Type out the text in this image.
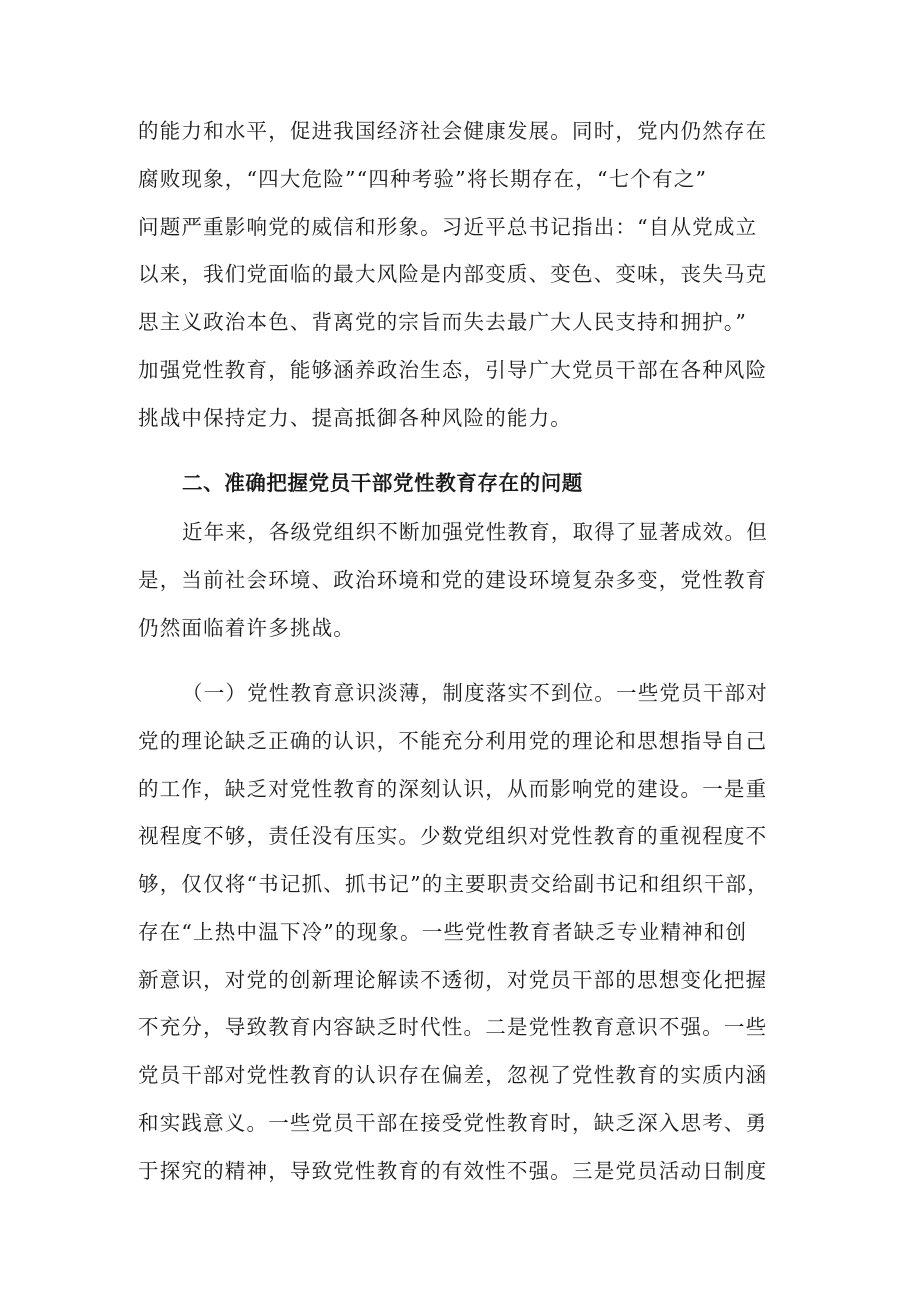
的能力和水平，促进我国经济社会健康发展。同时，党内仍然存在
腐败现象，“四大危险”“四种考验”将长期存在，“七个有之”
问题严重影响党的威信和形象。习近平总书记指出：“自从党成立
以来，我们党面临的最大风险是内部变质、变色、变味，丧失马克
思主义政治本色、背离党的宗旨而失去最广大人民支持和拥护。”
加强党性教育，能够涵养政治生态，引导广大党员干部在各种风险
挑战中保持定力、提高抵御各种风险的能力。
二、准确把握党员干部党性教育存在的问题
近年来，各级党组织不断加强党性教育，取得了显著成效。但
是，当前社会环境、政治环境和党的建设环境复杂多变，党性教育
仍然面临着许多挑战。
（一）党性教育意识淡薄，制度落实不到位。一些党员干部对
党的理论缺乏正确的认识，不能充分利用党的理论和思想指导自己
的工作，缺乏对党性教育的深刻认识，从而影响党的建设。一是重
视程度不够，责任没有压实。少数党组织对党性教育的重视程度不
够，仅仅将“书记抓、抓书记”的主要职责交给副书记和组织干部，
存在“上热中温下冷”的现象。一些党性教育者缺乏专业精神和创
新意识，对党的创新理论解读不透彻，对党员干部的思想变化把握
不充分，导致教育内容缺乏时代性。二是党性教育意识不强。一些
党员干部对党性教育的认识存在偏差，忽视了党性教育的实质内涵
和实践意义。一些党员干部在接受党性教育时，缺乏深入思考、勇
于探究的精神，导致党性教育的有效性不强。三是党员活动日制度
